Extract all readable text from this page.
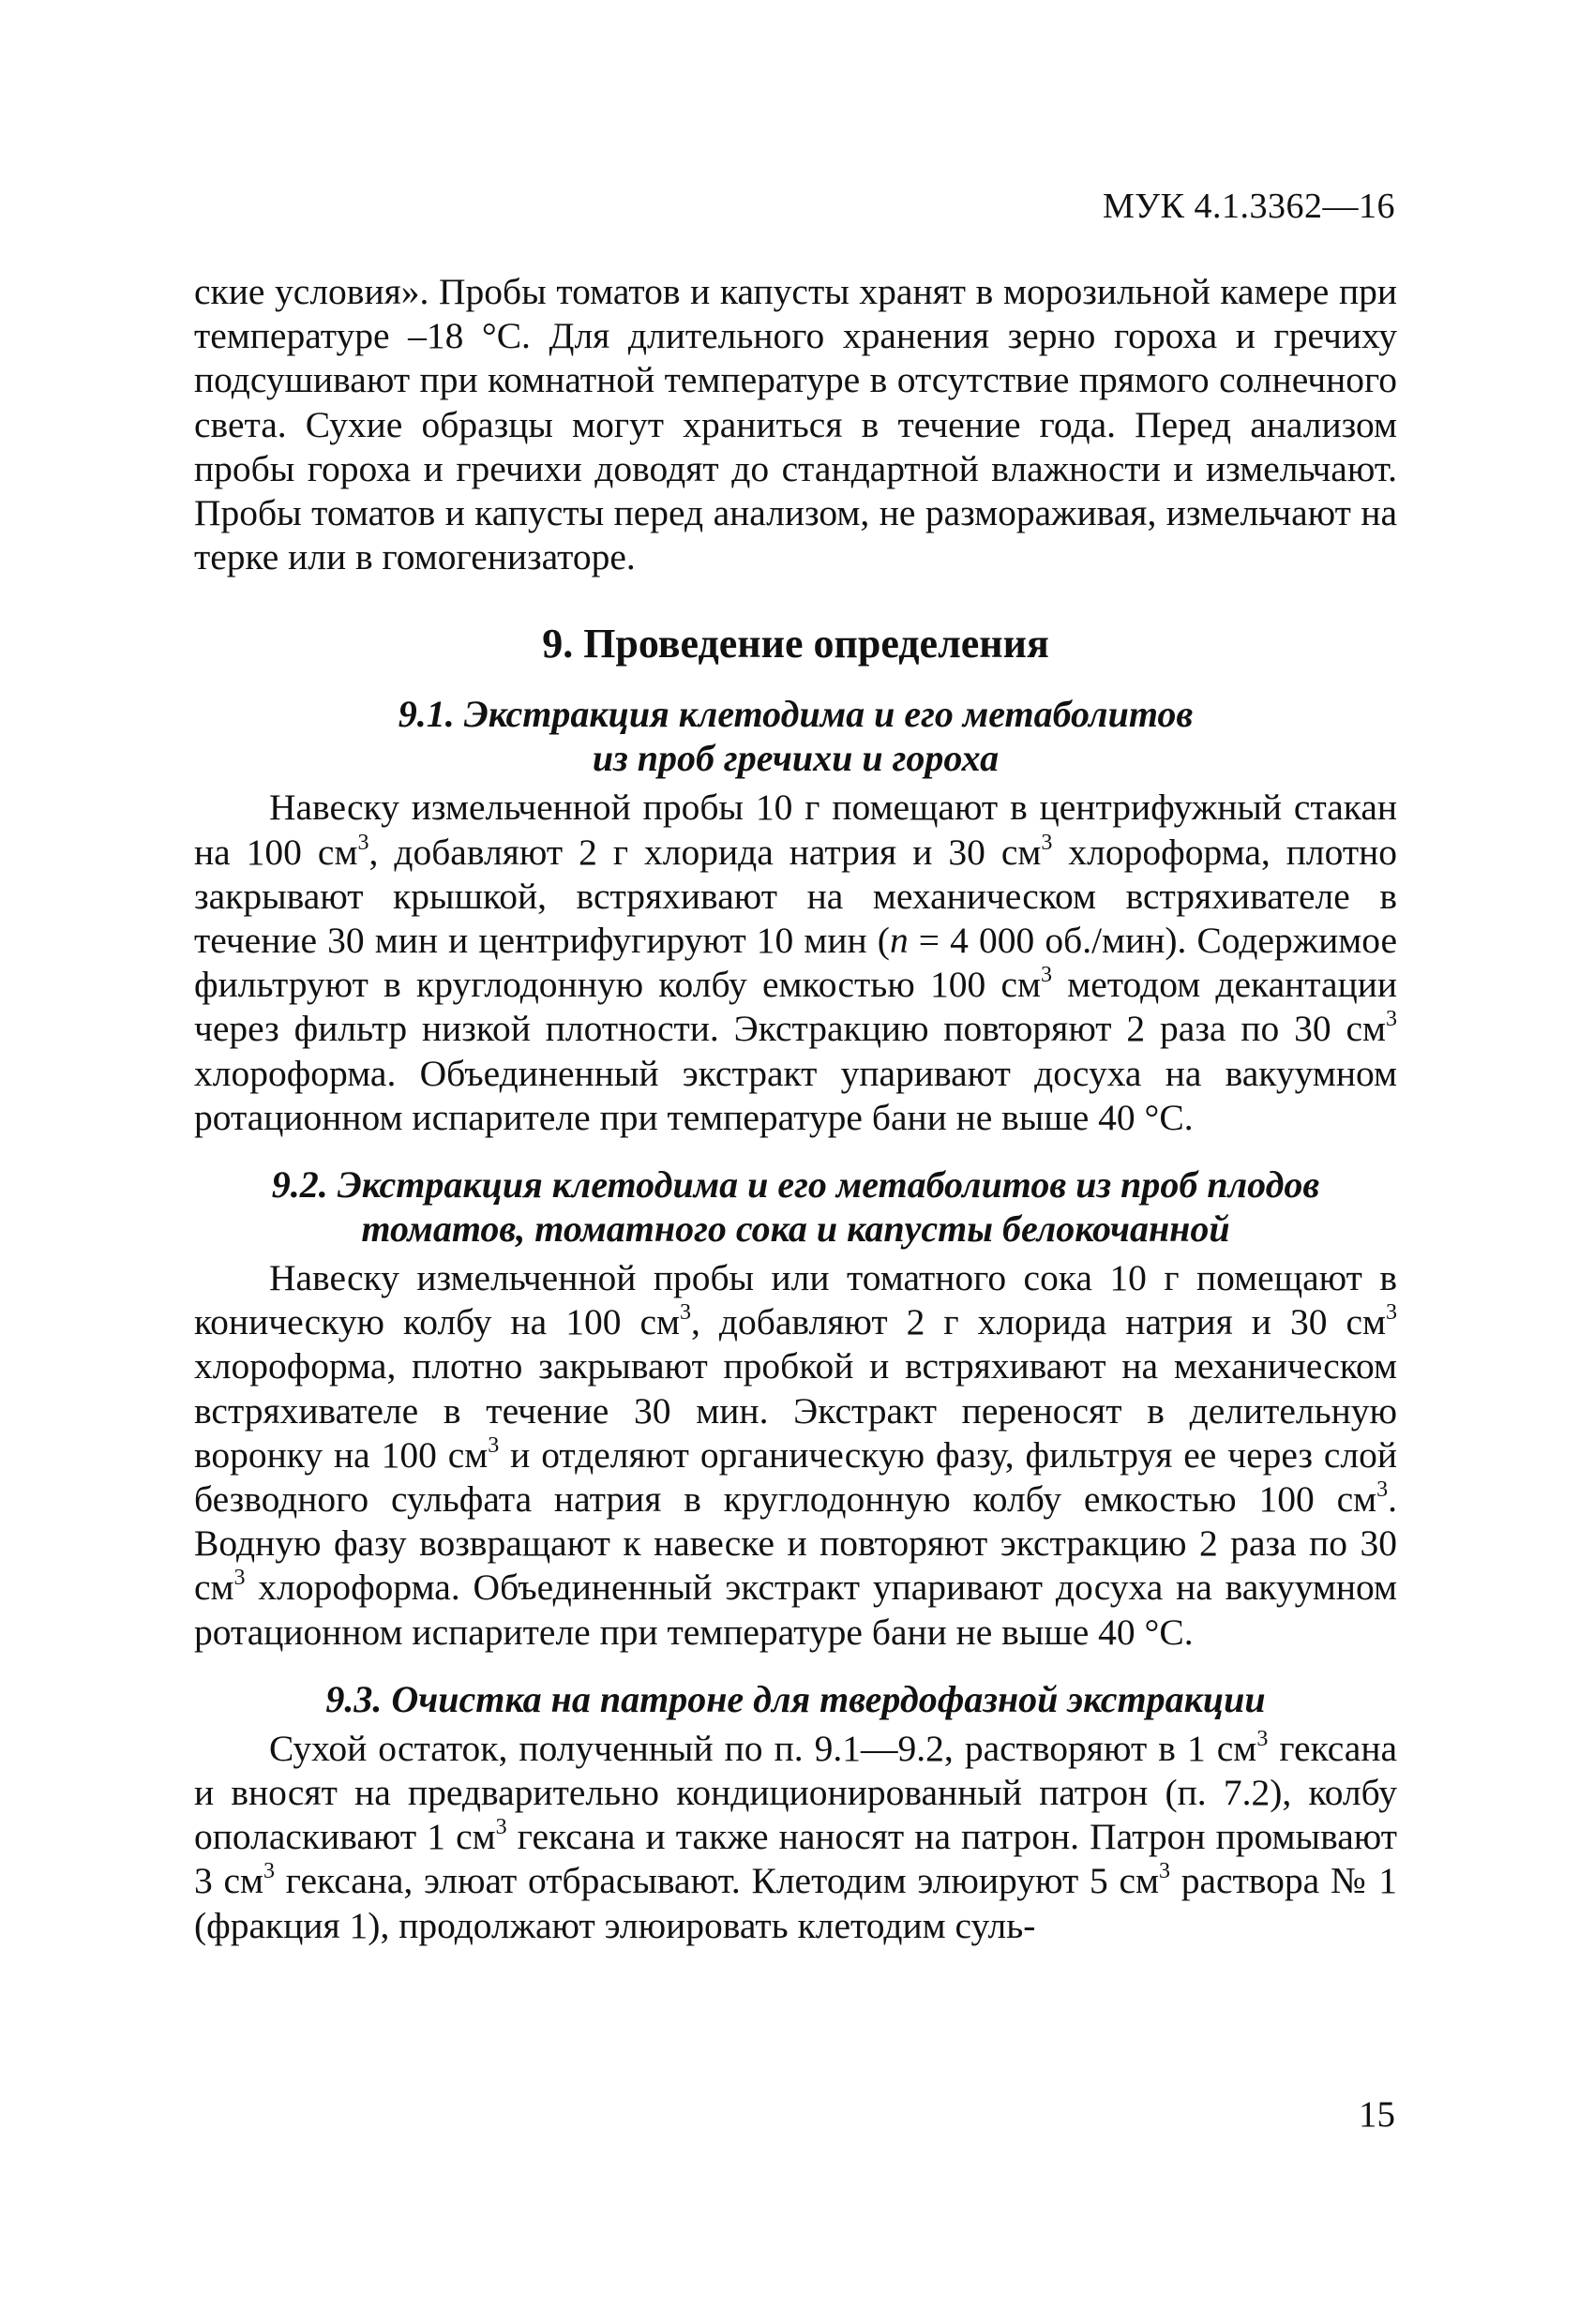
МУК 4.1.3362—16

ские условия». Пробы томатов и капусты хранят в морозильной камере при температуре –18 °С. Для длительного хранения зерно гороха и гречиху подсушивают при комнатной температуре в отсутствие прямого солнечного света. Сухие образцы могут храниться в течение года. Перед анализом пробы гороха и гречихи доводят до стандартной влажности и измельчают. Пробы томатов и капусты перед анализом, не размораживая, измельчают на терке или в гомогенизаторе.

9. Проведение определения
9.1. Экстракция клетодима и его метаболитов
из проб гречихи и гороха

Навеску измельченной пробы 10 г помещают в центрифужный стакан на 100 $см^3$, добавляют 2 г хлорида натрия и 30 $см^3$ хлороформа, плотно закрывают крышкой, встряхивают на механическом встряхивателе в течение 30 мин и центрифугируют 10 мин (n = 4 000 об./мин). Содержимое фильтруют в круглодонную колбу емкостью 100 $см^3$ методом декантации через фильтр низкой плотности. Экстракцию повторяют 2 раза по 30 $см^3$ хлороформа. Объединенный экстракт упаривают досуха на вакуумном ротационном испарителе при температуре бани не выше 40 °С.

9.2. Экстракция клетодима и его метаболитов из проб плодов
томатов, томатного сока и капусты белокочанной

Навеску измельченной пробы или томатного сока 10 г помещают в коническую колбу на 100 $см^3$, добавляют 2 г хлорида натрия и 30 $см^3$ хлороформа, плотно закрывают пробкой и встряхивают на механическом встряхивателе в течение 30 мин. Экстракт переносят в делительную воронку на 100 $см^3$ и отделяют органическую фазу, фильтруя ее через слой безводного сульфата натрия в круглодонную колбу емкостью 100 $см^3$. Водную фазу возвращают к навеске и повторяют экстракцию 2 раза по 30 $см^3$ хлороформа. Объединенный экстракт упаривают досуха на вакуумном ротационном испарителе при температуре бани не выше 40 °С.

9.3. Очистка на патроне для твердофазной экстракции

Сухой остаток, полученный по п. 9.1—9.2, растворяют в 1 $см^3$ гексана и вносят на предварительно кондиционированный патрон (п. 7.2), колбу ополаскивают 1 $см^3$ гексана и также наносят на патрон. Патрон промывают 3 $см^3$ гексана, элюат отбрасывают. Клетодим элюируют 5 $см^3$ раствора № 1 (фракция 1), продолжают элюировать клетодим суль-

15
